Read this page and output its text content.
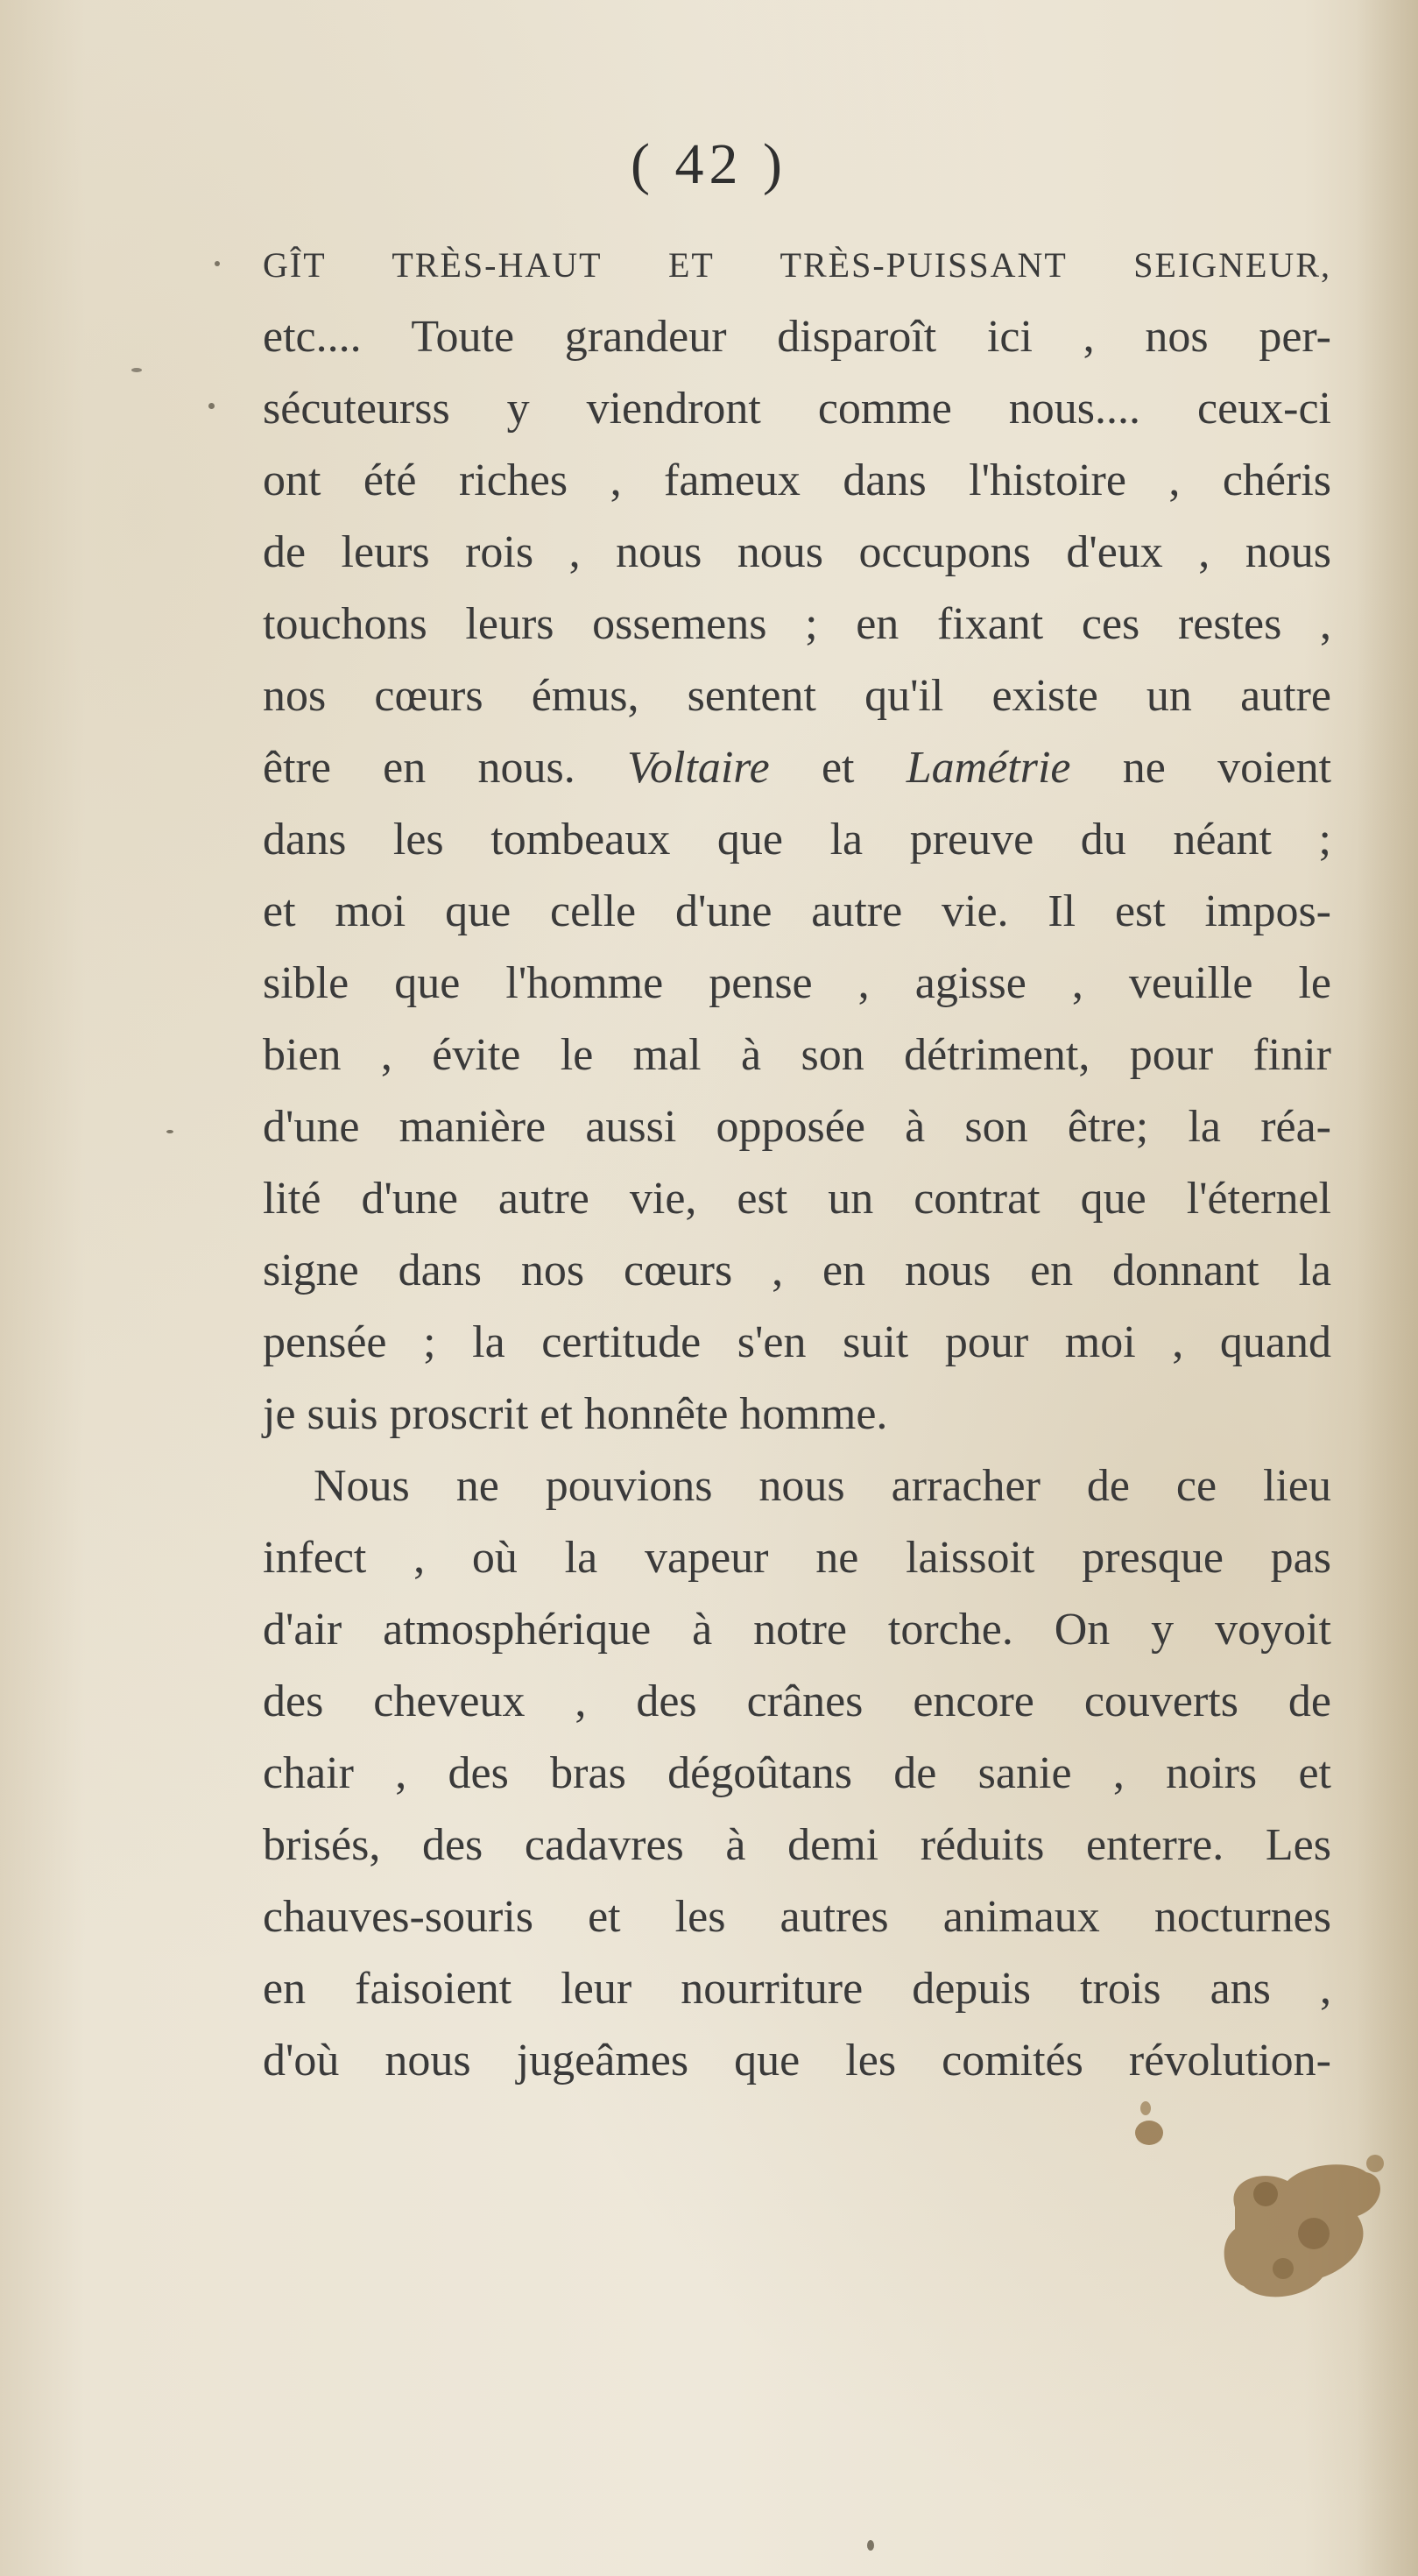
( 42 )
GÎT TRÈS-HAUT ET TRÈS-PUISSANT SEIGNEUR,
etc.... Toute grandeur disparoît ici , nos per-
sécuteurss y viendront comme nous.... ceux-ci
ont été riches , fameux dans l'histoire , chéris
de leurs rois , nous nous occupons d'eux , nous
touchons leurs ossemens ; en fixant ces restes ,
nos cœurs émus, sentent qu'il existe un autre
être en nous. Voltaire et Lamétrie ne voient
dans les tombeaux que la preuve du néant ;
et moi que celle d'une autre vie. Il est impos-
sible que l'homme pense , agisse , veuille le
bien , évite le mal à son détriment, pour finir
d'une manière aussi opposée à son être; la réa-
lité d'une autre vie, est un contrat que l'éternel
signe dans nos cœurs , en nous en donnant la
pensée ; la certitude s'en suit pour moi , quand
je suis proscrit et honnête homme.
Nous ne pouvions nous arracher de ce lieu
infect , où la vapeur ne laissoit presque pas
d'air atmosphérique à notre torche. On y voyoit
des cheveux , des crânes encore couverts de
chair , des bras dégoûtans de sanie , noirs et
brisés, des cadavres à demi réduits enterre. Les
chauves-souris et les autres animaux nocturnes
en faisoient leur nourriture depuis trois ans ,
d'où nous jugeâmes que les comités révolution-
